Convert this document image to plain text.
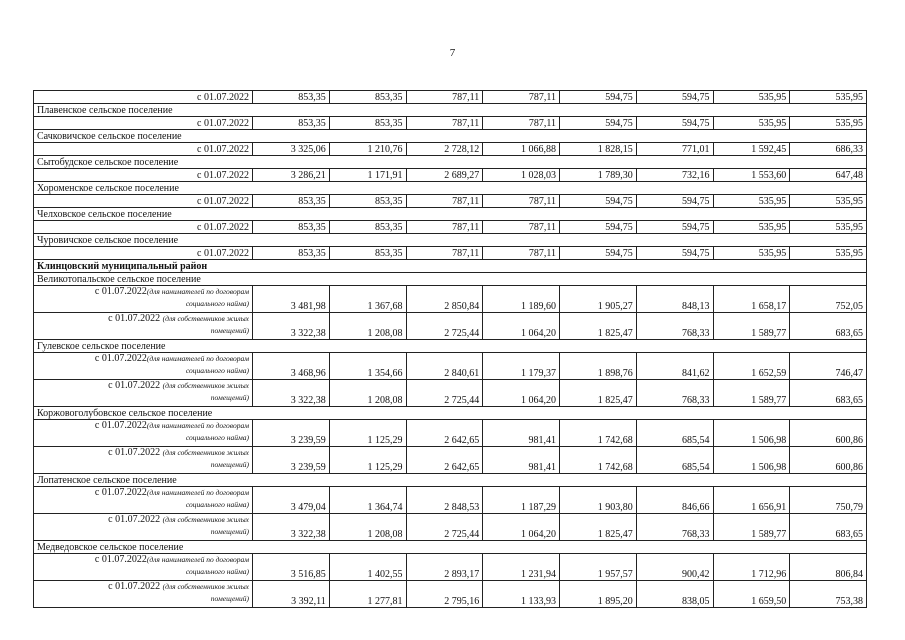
7
с 01.07.2022	853,35	853,35	787,11	787,11	594,75	594,75	535,95	535,95
Плавенское сельское поселение								
с 01.07.2022	853,35	853,35	787,11	787,11	594,75	594,75	535,95	535,95
Сачковичское сельское поселение								
с 01.07.2022	3 325,06	1 210,76	2 728,12	1 066,88	1 828,15	771,01	1 592,45	686,33
Сытобудское сельское поселение								
с 01.07.2022	3 286,21	1 171,91	2 689,27	1 028,03	1 789,30	732,16	1 553,60	647,48
Хороменское сельское поселение								
с 01.07.2022	853,35	853,35	787,11	787,11	594,75	594,75	535,95	535,95
Челховское сельское поселение								
с 01.07.2022	853,35	853,35	787,11	787,11	594,75	594,75	535,95	535,95
Чуровичское сельское поселение								
с 01.07.2022	853,35	853,35	787,11	787,11	594,75	594,75	535,95	535,95
Клинцовский муниципальный район								
Великотопальское сельское поселение								
с 01.07.2022(для нанимателей по договорам
социального найма)	3 481,98	1 367,68	2 850,84	1 189,60	1 905,27	848,13	1 658,17	752,05
с 01.07.2022 (для собственников жилых
помещений)	3 322,38	1 208,08	2 725,44	1 064,20	1 825,47	768,33	1 589,77	683,65
Гулевское сельское поселение								
с 01.07.2022(для нанимателей по договорам
социального найма)	3 468,96	1 354,66	2 840,61	1 179,37	1 898,76	841,62	1 652,59	746,47
с 01.07.2022 (для собственников жилых
помещений)	3 322,38	1 208,08	2 725,44	1 064,20	1 825,47	768,33	1 589,77	683,65
Коржовоголубовское сельское поселение								
с 01.07.2022(для нанимателей по договорам
социального найма)	3 239,59	1 125,29	2 642,65	981,41	1 742,68	685,54	1 506,98	600,86
с 01.07.2022 (для собственников жилых
помещений)	3 239,59	1 125,29	2 642,65	981,41	1 742,68	685,54	1 506,98	600,86
Лопатенское сельское поселение								
с 01.07.2022(для нанимателей по договорам
социального найма)	3 479,04	1 364,74	2 848,53	1 187,29	1 903,80	846,66	1 656,91	750,79
с 01.07.2022 (для собственников жилых
помещений)	3 322,38	1 208,08	2 725,44	1 064,20	1 825,47	768,33	1 589,77	683,65
Медведовское сельское поселение								
с 01.07.2022(для нанимателей по договорам
социального найма)	3 516,85	1 402,55	2 893,17	1 231,94	1 957,57	900,42	1 712,96	806,84
с 01.07.2022 (для собственников жилых
помещений)	3 392,11	1 277,81	2 795,16	1 133,93	1 895,20	838,05	1 659,50	753,38
